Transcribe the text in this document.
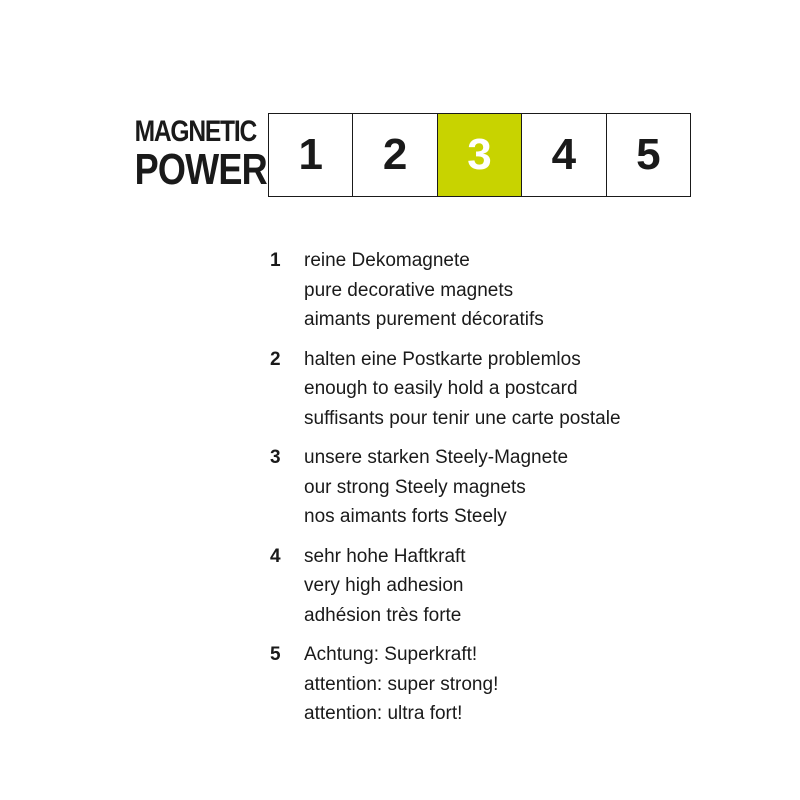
MAGNETIC
POWER 1	2	3	4	5
1	reine Dekomagnete
pure decorative magnets
aimants purement décoratifs
2	halten eine Postkarte problemlos
enough to easily hold a postcard
suffisants pour tenir une carte postale
3	unsere starken Steely-Magnete
our strong Steely magnets
nos aimants forts Steely
4	sehr hohe Haftkraft
very high adhesion
adhésion très forte
5	Achtung: Superkraft!
attention: super strong!
attention: ultra fort!
